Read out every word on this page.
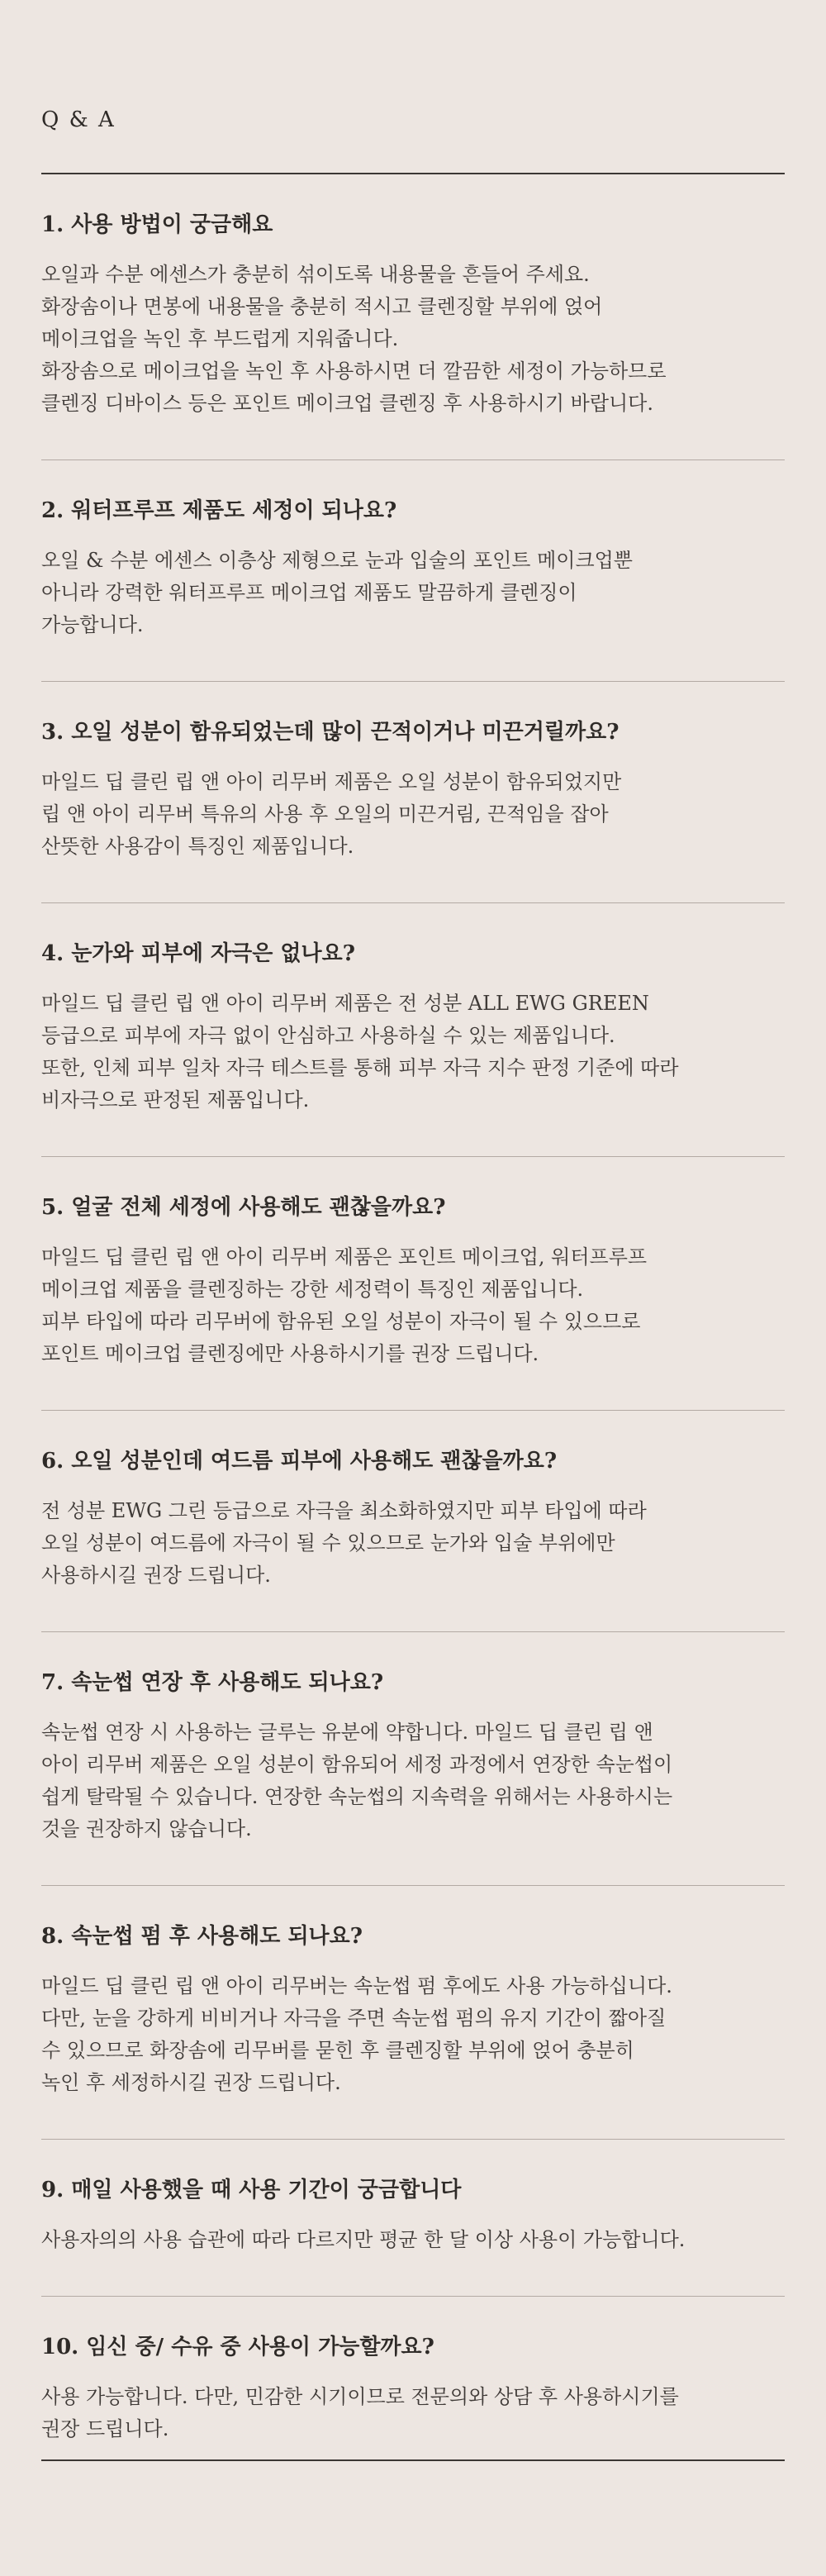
Q & A
1. 사용 방법이 궁금해요
오일과 수분 에센스가 충분히 섞이도록 내용물을 흔들어 주세요.
화장솜이나 면봉에 내용물을 충분히 적시고 클렌징할 부위에 얹어
메이크업을 녹인 후 부드럽게 지워줍니다.
화장솜으로 메이크업을 녹인 후 사용하시면 더 깔끔한 세정이 가능하므로
클렌징 디바이스 등은 포인트 메이크업 클렌징 후 사용하시기 바랍니다.
2. 워터프루프 제품도 세정이 되나요?
오일 & 수분 에센스 이층상 제형으로 눈과 입술의 포인트 메이크업뿐
아니라 강력한 워터프루프 메이크업 제품도 말끔하게 클렌징이
가능합니다.
3. 오일 성분이 함유되었는데 많이 끈적이거나 미끈거릴까요?
마일드 딥 클린 립 앤 아이 리무버 제품은 오일 성분이 함유되었지만
립 앤 아이 리무버 특유의 사용 후 오일의 미끈거림, 끈적임을 잡아
산뜻한 사용감이 특징인 제품입니다.
4. 눈가와 피부에 자극은 없나요?
마일드 딥 클린 립 앤 아이 리무버 제품은 전 성분 ALL EWG GREEN
등급으로 피부에 자극 없이 안심하고 사용하실 수 있는 제품입니다.
또한, 인체 피부 일차 자극 테스트를 통해 피부 자극 지수 판정 기준에 따라
비자극으로 판정된 제품입니다.
5. 얼굴 전체 세정에 사용해도 괜찮을까요?
마일드 딥 클린 립 앤 아이 리무버 제품은 포인트 메이크업, 워터프루프
메이크업 제품을 클렌징하는 강한 세정력이 특징인 제품입니다.
피부 타입에 따라 리무버에 함유된 오일 성분이 자극이 될 수 있으므로
포인트 메이크업 클렌징에만 사용하시기를 권장 드립니다.
6. 오일 성분인데 여드름 피부에 사용해도 괜찮을까요?
전 성분 EWG 그린 등급으로 자극을 최소화하였지만 피부 타입에 따라
오일 성분이 여드름에 자극이 될 수 있으므로 눈가와 입술 부위에만
사용하시길 권장 드립니다.
7. 속눈썹 연장 후 사용해도 되나요?
속눈썹 연장 시 사용하는 글루는 유분에 약합니다. 마일드 딥 클린 립 앤
아이 리무버 제품은 오일 성분이 함유되어 세정 과정에서 연장한 속눈썹이
쉽게 탈락될 수 있습니다. 연장한 속눈썹의 지속력을 위해서는 사용하시는
것을 권장하지 않습니다.
8. 속눈썹 펌 후 사용해도 되나요?
마일드 딥 클린 립 앤 아이 리무버는 속눈썹 펌 후에도 사용 가능하십니다.
다만, 눈을 강하게 비비거나 자극을 주면 속눈썹 펌의 유지 기간이 짧아질
수 있으므로 화장솜에 리무버를 묻힌 후 클렌징할 부위에 얹어 충분히
녹인 후 세정하시길 권장 드립니다.
9. 매일 사용했을 때 사용 기간이 궁금합니다
사용자의의 사용 습관에 따라 다르지만 평균 한 달 이상 사용이 가능합니다.
10. 임신 중/ 수유 중 사용이 가능할까요?
사용 가능합니다. 다만, 민감한 시기이므로 전문의와 상담 후 사용하시기를
권장 드립니다.
